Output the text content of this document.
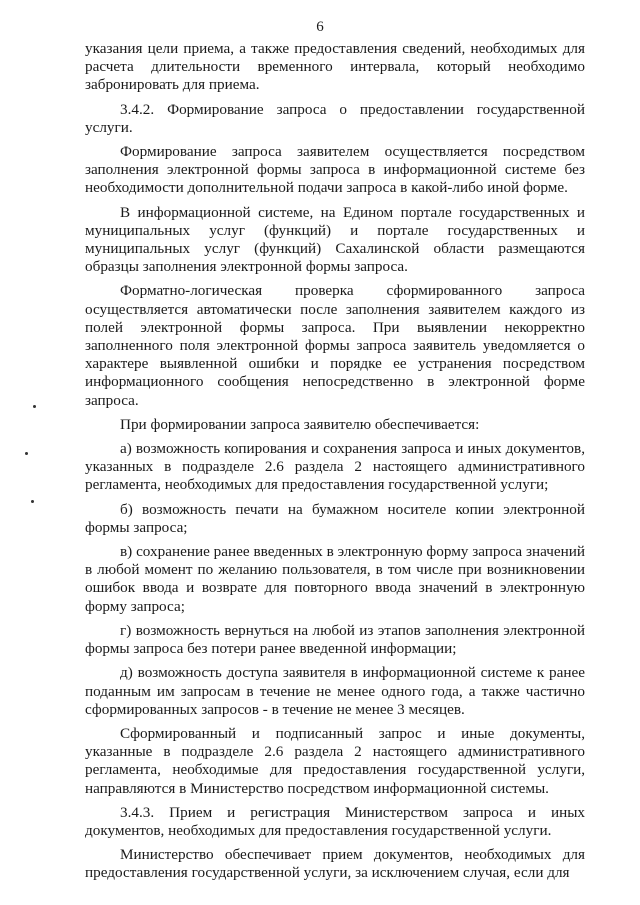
6

указания цели приема, а также предоставления сведений, необходимых для расчета длительности временного интервала, который необходимо забронировать для приема.

3.4.2. Формирование запроса о предоставлении государственной услуги.

Формирование запроса заявителем осуществляется посредством заполнения электронной формы запроса в информационной системе без необходимости дополнительной подачи запроса в какой-либо иной форме.

В информационной системе, на Едином портале государственных и муниципальных услуг (функций) и портале государственных и муниципальных услуг (функций) Сахалинской области размещаются образцы заполнения электронной формы запроса.

Форматно-логическая проверка сформированного запроса осуществляется автоматически после заполнения заявителем каждого из полей электронной формы запроса. При выявлении некорректно заполненного поля электронной формы запроса заявитель уведомляется о характере выявленной ошибки и порядке ее устранения посредством информационного сообщения непосредственно в электронной форме запроса.

При формировании запроса заявителю обеспечивается:

а) возможность копирования и сохранения запроса и иных документов, указанных в подразделе 2.6 раздела 2 настоящего административного регламента, необходимых для предоставления государственной услуги;

б) возможность печати на бумажном носителе копии электронной формы запроса;

в) сохранение ранее введенных в электронную форму запроса значений в любой момент по желанию пользователя, в том числе при возникновении ошибок ввода и возврате для повторного ввода значений в электронную форму запроса;

г) возможность вернуться на любой из этапов заполнения электронной формы запроса без потери ранее введенной информации;

д) возможность доступа заявителя в информационной системе к ранее поданным им запросам в течение не менее одного года, а также частично сформированных запросов - в течение не менее 3 месяцев.

Сформированный и подписанный запрос и иные документы, указанные в подразделе 2.6 раздела 2 настоящего административного регламента, необходимые для предоставления государственной услуги, направляются в Министерство посредством информационной системы.

3.4.3. Прием и регистрация Министерством запроса и иных документов, необходимых для предоставления государственной услуги.

Министерство обеспечивает прием документов, необходимых для предоставления государственной услуги, за исключением случая, если для
